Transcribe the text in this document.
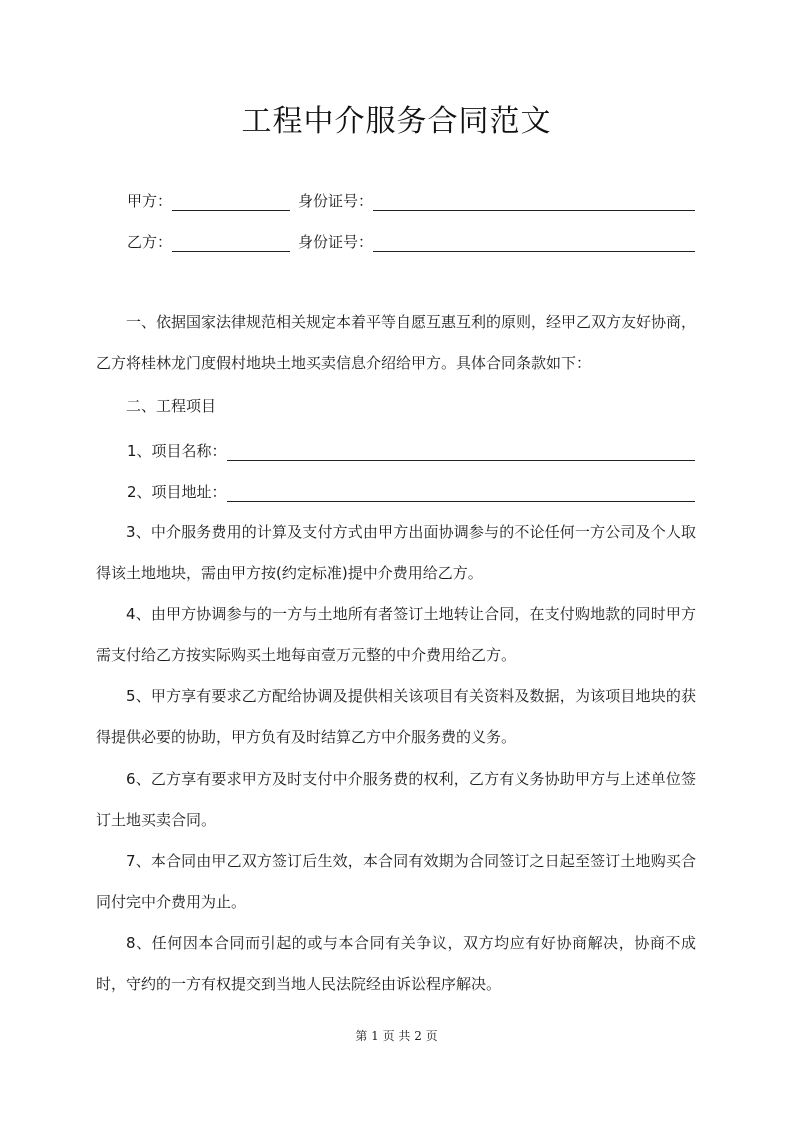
工程中介服务合同范文
甲方：	身份证号：
乙方：	身份证号：
一、依据国家法律规范相关规定本着平等自愿互惠互利的原则，经甲乙双方友好协商，乙方将桂林龙门度假村地块土地买卖信息介绍给甲方。具体合同条款如下：
二、工程项目
1、项目名称：
2、项目地址：
3、中介服务费用的计算及支付方式由甲方出面协调参与的不论任何一方公司及个人取得该土地地块，需由甲方按(约定标准)提中介费用给乙方。
4、由甲方协调参与的一方与土地所有者签订土地转让合同，在支付购地款的同时甲方需支付给乙方按实际购买土地每亩壹万元整的中介费用给乙方。
5、甲方享有要求乙方配给协调及提供相关该项目有关资料及数据，为该项目地块的获得提供必要的协助，甲方负有及时结算乙方中介服务费的义务。
6、乙方享有要求甲方及时支付中介服务费的权利，乙方有义务协助甲方与上述单位签订土地买卖合同。
7、本合同由甲乙双方签订后生效，本合同有效期为合同签订之日起至签订土地购买合同付完中介费用为止。
8、任何因本合同而引起的或与本合同有关争议，双方均应有好协商解决，协商不成时，守约的一方有权提交到当地人民法院经由诉讼程序解决。
第 1 页 共 2 页
